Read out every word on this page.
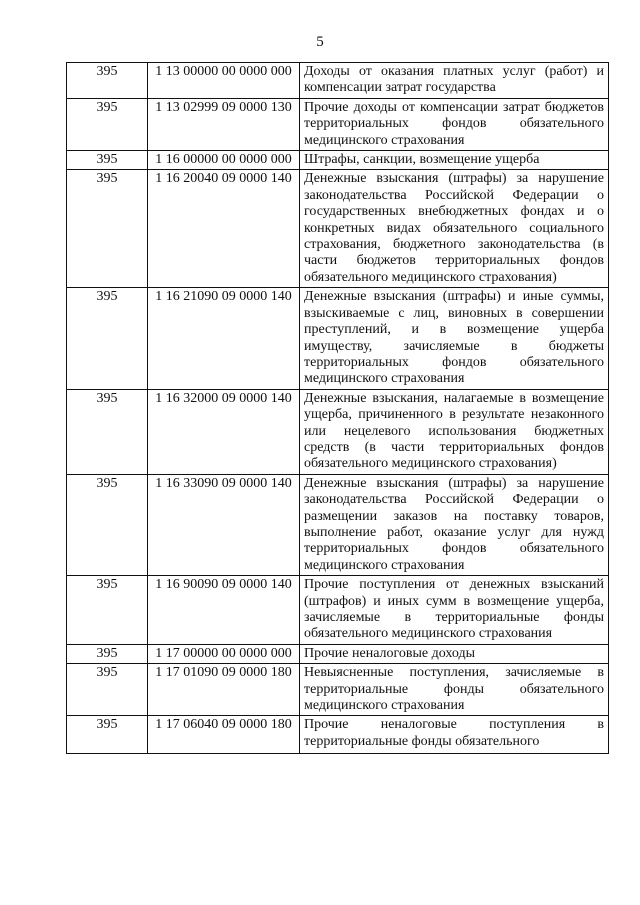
5
395	1 13 00000 00 0000 000	Доходы от оказания платных услуг (работ) и компенсации затрат государства
395	1 13 02999 09 0000 130	Прочие доходы от компенсации затрат бюджетов территориальных фондов обязательного медицинского страхования
395	1 16 00000 00 0000 000	Штрафы, санкции, возмещение ущерба
395	1 16 20040 09 0000 140	Денежные взыскания (штрафы) за нарушение законодательства Российской Федерации о государственных внебюджетных фондах и о конкретных видах обязательного социального страхования, бюджетного законодательства (в части бюджетов территориальных фондов обязательного медицинского страхования)
395	1 16 21090 09 0000 140	Денежные взыскания (штрафы) и иные суммы, взыскиваемые с лиц, виновных в совершении преступлений, и в возмещение ущерба имуществу, зачисляемые в бюджеты территориальных фондов обязательного медицинского страхования
395	1 16 32000 09 0000 140	Денежные взыскания, налагаемые в возмещение ущерба, причиненного в результате незаконного или нецелевого использования бюджетных средств (в части территориальных фондов обязательного медицинского страхования)
395	1 16 33090 09 0000 140	Денежные взыскания (штрафы) за нарушение законодательства Российской Федерации о размещении заказов на поставку товаров, выполнение работ, оказание услуг для нужд территориальных фондов обязательного медицинского страхования
395	1 16 90090 09 0000 140	Прочие поступления от денежных взысканий (штрафов) и иных сумм в возмещение ущерба, зачисляемые в территориальные фонды обязательного медицинского страхования
395	1 17 00000 00 0000 000	Прочие неналоговые доходы
395	1 17 01090 09 0000 180	Невыясненные поступления, зачисляемые в территориальные фонды обязательного медицинского страхования
395	1 17 06040 09 0000 180	Прочие неналоговые поступления в территориальные фонды обязательного
